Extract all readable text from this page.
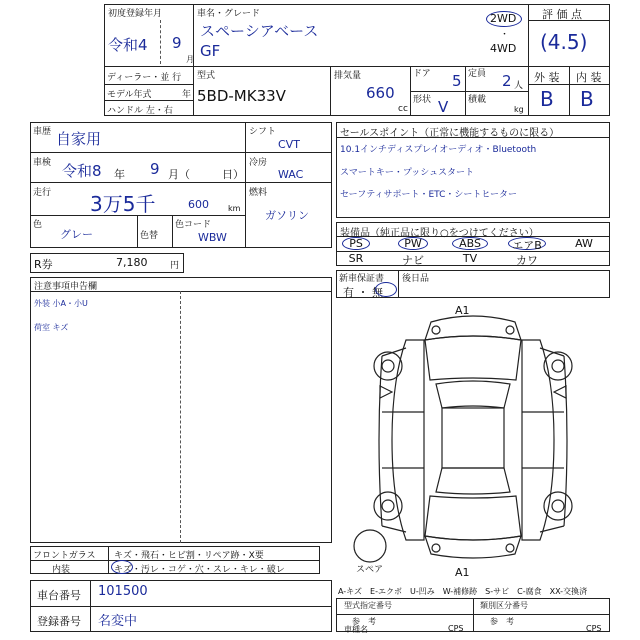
初度登録年月
令和4 9
月
車名・グレード
スペーシアベース
GF
2WD
・
4WD
評 価 点
(4.5)
外 装 内 装
B B
ディーラー・並 行
モデル年式	年
ハンドル 左・右
型式
5BD-MK33V
排気量
660
cc
ドア 5
形状 V
定員 2 人
積載
kg
車歴 自家用
車検 令和8 年 9 月（	日）
走行 3万5千	600 km
色
グレー	色替
色コード
WBW
シフト
CVT
冷房
WAC
燃料
ガソリン
R券	7,180	円
セールスポイント（正常に機能するものに限る）
10.1インチディスプレイオーディオ・Bluetooth
スマートキー・プッシュスタート
セーフティサポート・ETC・シートヒーター
装備品（純正品に限り○をつけてください）
PS	PW	ABS	エアB	AW
SR	ナビ	TV	カワ
新車保証書
有 ・ 無
後日品
注意事項申告欄
外装 小A・小U
荷室 キズ
A1
A1
スペア
A-キズ　E-エクボ　U-凹み　W-補修跡　S-サビ　C-腐食　XX-交換済
フロントガラス キズ・飛石・ヒビ割・リペア跡・X要
内装	キズ・汚レ・コゲ・穴・スレ・キレ・破レ
車台番号 101500
登録番号 名変中
型式指定番号	類別区分番号
参　考	参　考
車種名	CPS	CPS
